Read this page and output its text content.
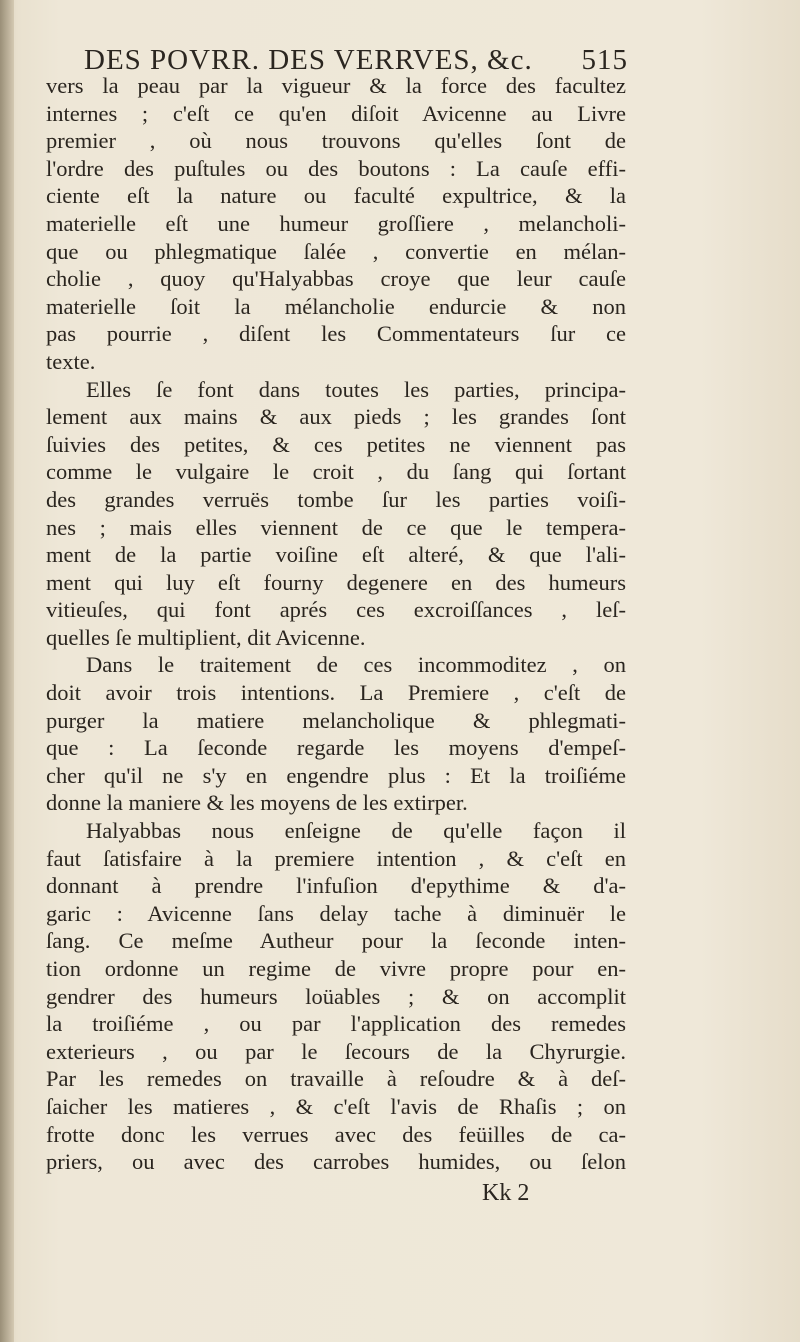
DES POVRR. DES VERRVES, &c. 515
vers la peau par la vigueur & la force des facultez
internes ; c'eſt ce qu'en diſoit Avicenne au Livre
premier , où nous trouvons qu'elles ſont de
l'ordre des puſtules ou des boutons : La cauſe effi-
ciente eſt la nature ou faculté expultrice, & la
materielle eſt une humeur groſſiere , melancholi-
que ou phlegmatique ſalée , convertie en mélan-
cholie , quoy qu'Halyabbas croye que leur cauſe
materielle ſoit la mélancholie endurcie & non
pas pourrie , diſent les Commentateurs ſur ce
texte.
Elles ſe font dans toutes les parties, principa-
lement aux mains & aux pieds ; les grandes ſont
ſuivies des petites, & ces petites ne viennent pas
comme le vulgaire le croit , du ſang qui ſortant
des grandes verruës tombe ſur les parties voiſi-
nes ; mais elles viennent de ce que le tempera-
ment de la partie voiſine eſt alteré, & que l'ali-
ment qui luy eſt fourny degenere en des humeurs
vitieuſes, qui font aprés ces excroiſſances , leſ-
quelles ſe multiplient, dit Avicenne.
Dans le traitement de ces incommoditez , on
doit avoir trois intentions. La Premiere , c'eſt de
purger la matiere melancholique & phlegmati-
que : La ſeconde regarde les moyens d'empeſ-
cher qu'il ne s'y en engendre plus : Et la troiſiéme
donne la maniere & les moyens de les extirper.
Halyabbas nous enſeigne de qu'elle façon il
faut ſatisfaire à la premiere intention , & c'eſt en
donnant à prendre l'infuſion d'epythime & d'a-
garic : Avicenne ſans delay tache à diminuër le
ſang. Ce meſme Autheur pour la ſeconde inten-
tion ordonne un regime de vivre propre pour en-
gendrer des humeurs loüables ; & on accomplit
la troiſiéme , ou par l'application des remedes
exterieurs , ou par le ſecours de la Chyrurgie.
Par les remedes on travaille à reſoudre & à deſ-
ſaicher les matieres , & c'eſt l'avis de Rhaſis ; on
frotte donc les verrues avec des feüilles de ca-
priers, ou avec des carrobes humides, ou ſelon
Kk 2
